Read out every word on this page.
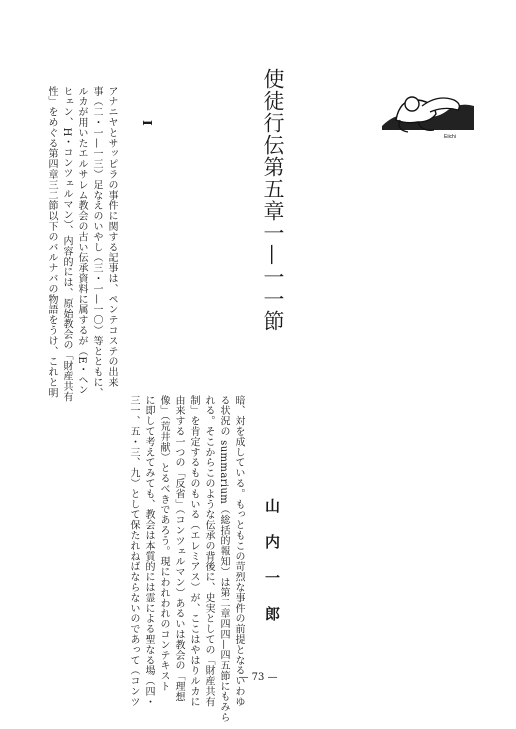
使徒行伝第五章一—一一節
山内一郎
I
アナニヤとサッピラの事件に関する記事は、ペンテコステの出来
事（二・一—一三）足なえのいやし（三・一—一〇）等とともに、
ルカが用いたエルサレム教会の古い伝承資料に属するが（E・ヘン
ヒェン、H・コンツェルマン）、内容的には、原始教会の「財産共有
性」をめぐる第四章三二節以下のバルナバの物語をうけ、これと明
暗、対を成している。もっともこの苛烈な事件の前提となるいわゆ
る状況の summarium（総括的報知）は第二章四四—四五節にもみら
れる。そこからこのような伝承の背後に、史実としての「財産共有
制」を肯定するものもいる（エレミアス）が、ここはやはりルカに
由来する一つの「反省」（コンツェルマン）あるいは教会の「理想
像」（荒井献）とるべきであろう。現にわれわれのコンテキスト
に即して考えてみても、教会は本質的には霊による聖なる場（四・
三一、五・三、九）として保たれねばならないのであって（コンツ
Eiichi
— 73 —
